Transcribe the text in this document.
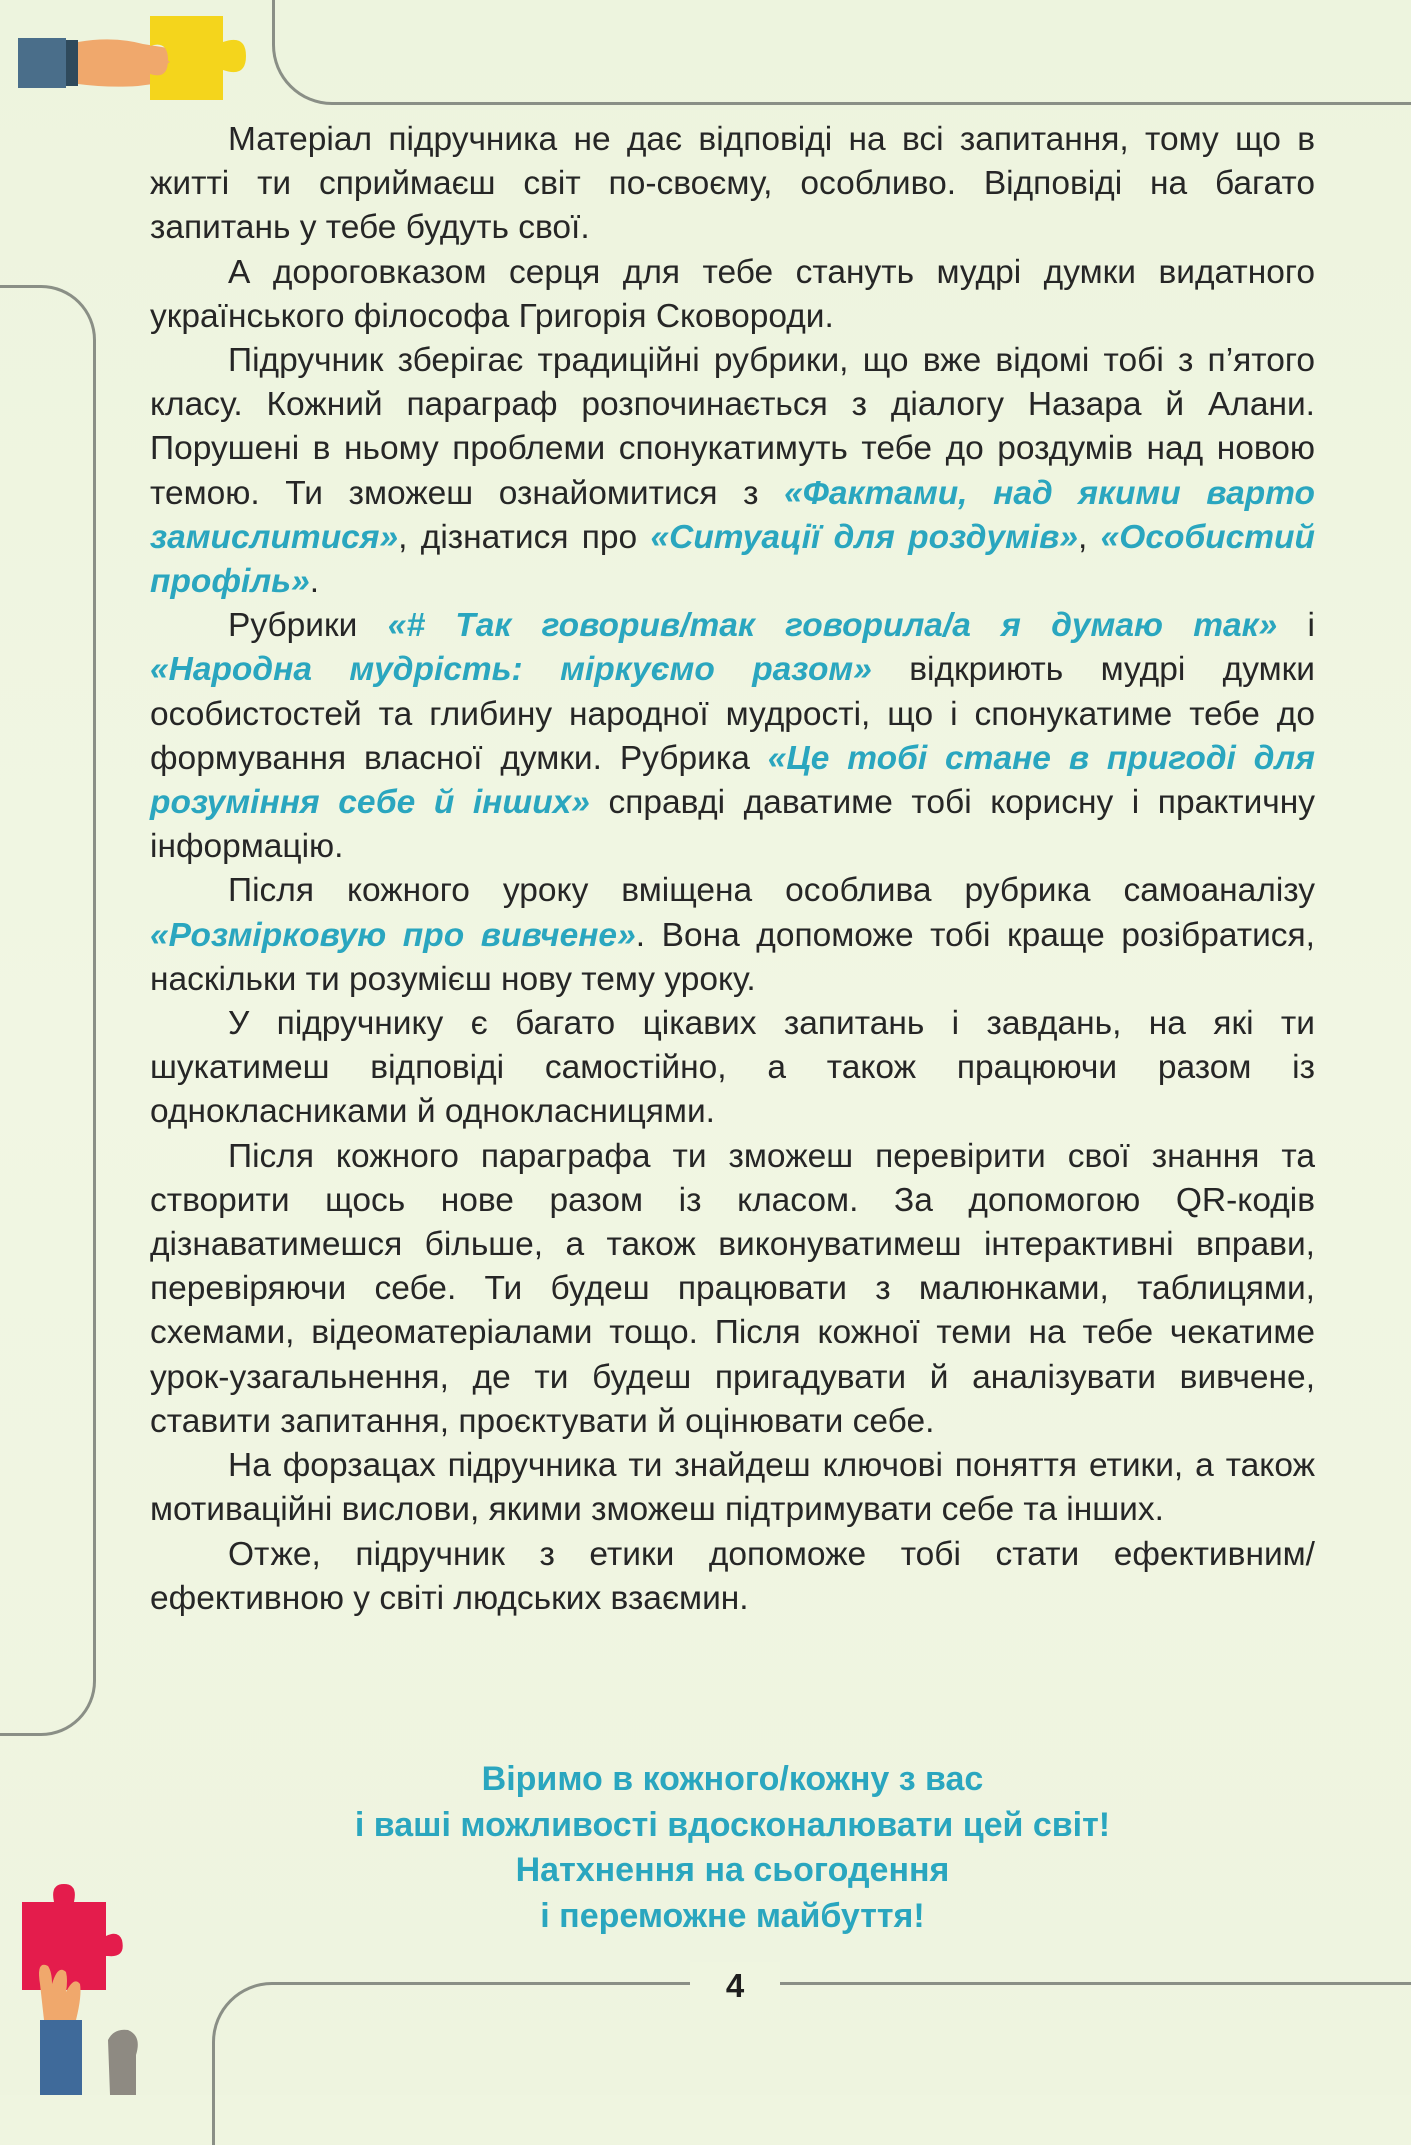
Матеріал підручника не дає відповіді на всі запитання, тому що в житті ти сприймаєш світ по-своєму, особливо. Відповіді на багато запитань у тебе будуть свої.

А дороговказом серця для тебе стануть мудрі думки видатного українського філософа Григорія Сковороди.

Підручник зберігає традиційні рубрики, що вже відомі тобі з п’ятого класу. Кожний параграф розпочинається з діалогу Назара й Алани. Порушені в ньому проблеми спонукатимуть тебе до роздумів над новою темою. Ти зможеш ознайомитися з «Фактами, над якими варто замислитися», дізнатися про «Ситуації для роздумів», «Особистий профіль».

Рубрики «# Так говорив/так говорила/а я думаю так» і «Народна мудрість: міркуємо разом» відкриють мудрі думки особистостей та глибину народної мудрості, що і спонукатиме тебе до формування власної думки. Рубрика «Це тобі стане в пригоді для розуміння себе й інших» справді даватиме тобі корисну і практичну інформацію.

Після кожного уроку вміщена особлива рубрика самоаналізу «Розмірковую про вивчене». Вона допоможе тобі краще розібратися, наскільки ти розумієш нову тему уроку.

У підручнику є багато цікавих запитань і завдань, на які ти шукатимеш відповіді самостійно, а також працюючи разом із однокласниками й однокласницями.

Після кожного параграфа ти зможеш перевірити свої знання та створити щось нове разом із класом. За допомогою QR-кодів дізнаватимешся більше, а також виконуватимеш інтерактивні вправи, перевіряючи себе. Ти будеш працювати з малюнками, таблицями, схемами, відеоматеріалами тощо. Після кожної теми на тебе чекатиме урок-узагальнення, де ти будеш пригадувати й аналізувати вивчене, ставити запитання, проєктувати й оцінювати себе.

На форзацах підручника ти знайдеш ключові поняття етики, а також мотиваційні вислови, якими зможеш підтримувати себе та інших.

Отже, підручник з етики допоможе тобі стати ефективним/ефективною у світі людських взаємин.

Віримо в кожного/кожну з вас
і ваші можливості вдосконалювати цей світ!
Натхнення на сьогодення
і переможне майбуття!
4
